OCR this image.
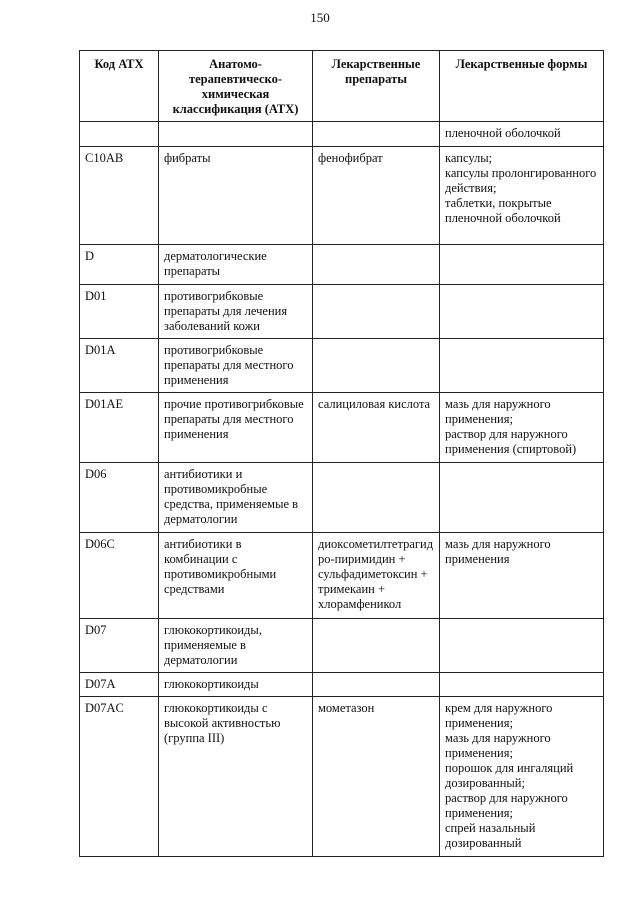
150
Код АТХ	Анатомо-терапевтическо-химическая классификация (АТХ)	Лекарственные препараты	Лекарственные формы
			пленочной оболочкой
C10AB	фибраты	фенофибрат	капсулы;
капсулы пролонгированного действия;
таблетки, покрытые пленочной оболочкой
D	дерматологические препараты		
D01	противогрибковые препараты для лечения заболеваний кожи		
D01A	противогрибковые препараты для местного применения		
D01AE	прочие противогрибковые препараты для местного применения	салициловая кислота	мазь для наружного применения;
раствор для наружного применения (спиртовой)
D06	антибиотики и противомикробные средства, применяемые в дерматологии		
D06C	антибиотики в комбинации с противомикробными средствами	диоксометилтетрагидро-пиримидин + сульфадиметоксин + тримекаин + хлорамфеникол	мазь для наружного применения
D07	глюкокортикоиды, применяемые в дерматологии		
D07A	глюкокортикоиды		
D07AC	глюкокортикоиды с высокой активностью (группа III)	мометазон	крем для наружного применения;
мазь для наружного применения;
порошок для ингаляций дозированный;
раствор для наружного применения;
спрей назальный дозированный
